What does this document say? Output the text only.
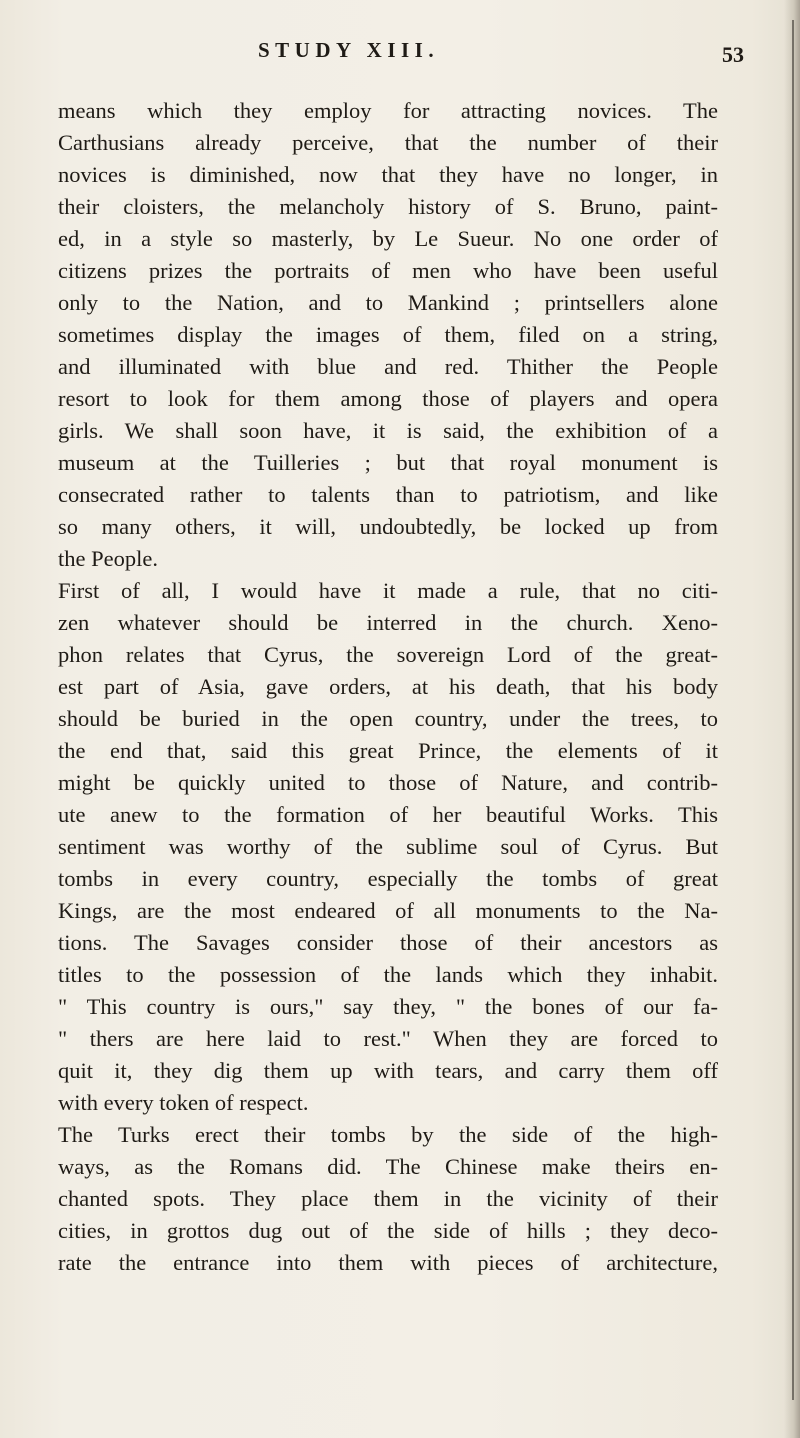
STUDY XIII.	53
means which they employ for attracting novices. The
Carthusians already perceive, that the number of their
novices is diminished, now that they have no longer, in
their cloisters, the melancholy history of S. Bruno, paint-
ed, in a style so masterly, by Le Sueur. No one order of
citizens prizes the portraits of men who have been useful
only to the Nation, and to Mankind ; printsellers alone
sometimes display the images of them, filed on a string,
and illuminated with blue and red. Thither the People
resort to look for them among those of players and opera
girls. We shall soon have, it is said, the exhibition of a
museum at the Tuilleries ; but that royal monument is
consecrated rather to talents than to patriotism, and like
so many others, it will, undoubtedly, be locked up from
the People.
First of all, I would have it made a rule, that no citi-
zen whatever should be interred in the church. Xeno-
phon relates that Cyrus, the sovereign Lord of the great-
est part of Asia, gave orders, at his death, that his body
should be buried in the open country, under the trees, to
the end that, said this great Prince, the elements of it
might be quickly united to those of Nature, and contrib-
ute anew to the formation of her beautiful Works. This
sentiment was worthy of the sublime soul of Cyrus. But
tombs in every country, especially the tombs of great
Kings, are the most endeared of all monuments to the Na-
tions. The Savages consider those of their ancestors as
titles to the possession of the lands which they inhabit.
" This country is ours," say they, " the bones of our fa-
" thers are here laid to rest." When they are forced to
quit it, they dig them up with tears, and carry them off
with every token of respect.
The Turks erect their tombs by the side of the high-
ways, as the Romans did. The Chinese make theirs en-
chanted spots. They place them in the vicinity of their
cities, in grottos dug out of the side of hills ; they deco-
rate the entrance into them with pieces of architecture,
